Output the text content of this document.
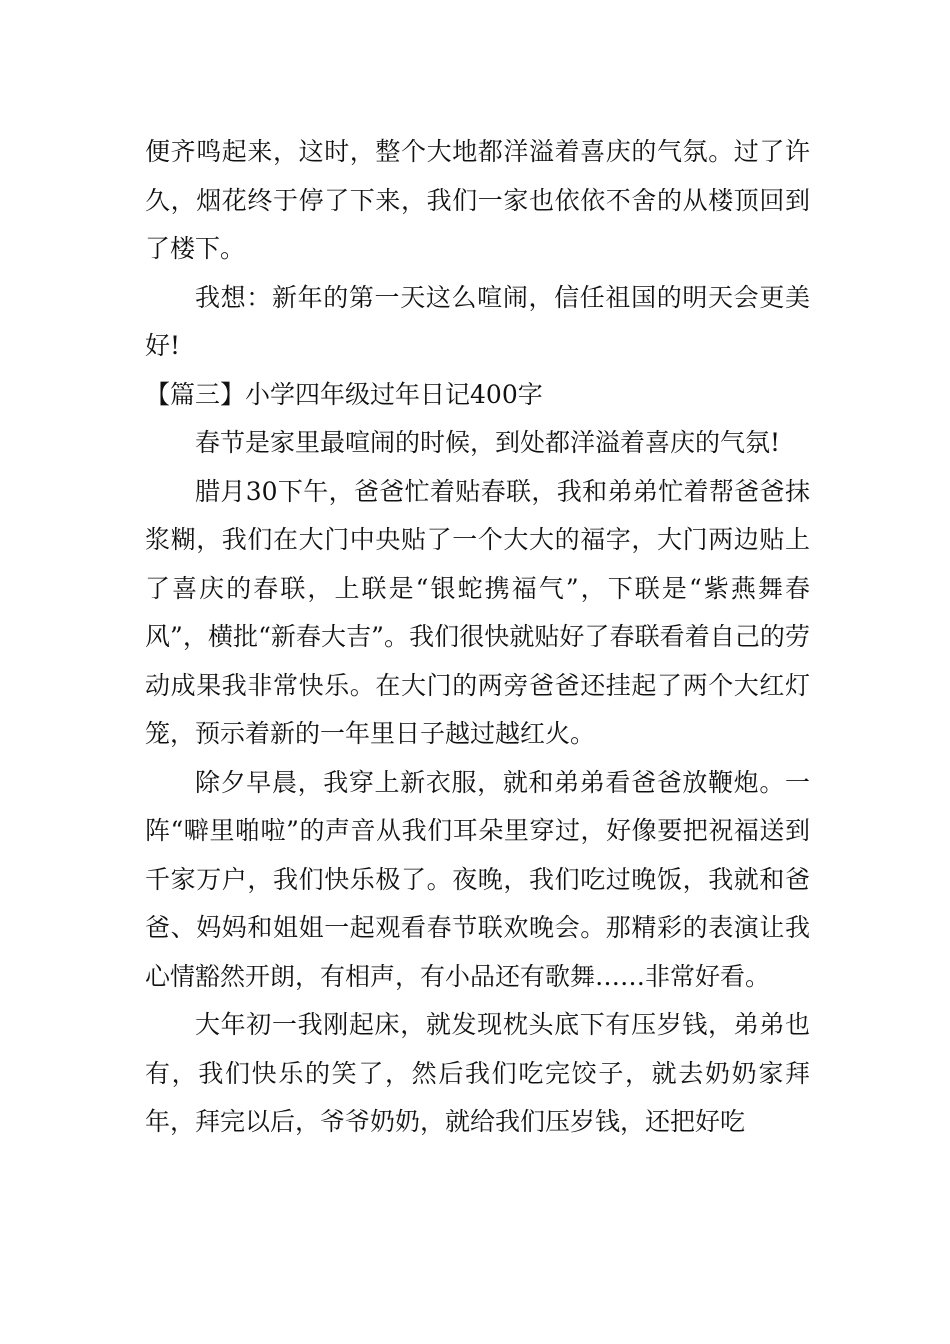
便齐鸣起来，这时，整个大地都洋溢着喜庆的气氛。过了许久，烟花终于停了下来，我们一家也依依不舍的从楼顶回到了楼下。

我想：新年的第一天这么喧闹，信任祖国的明天会更美好!

【篇三】小学四年级过年日记400字

春节是家里最喧闹的时候，到处都洋溢着喜庆的气氛!

腊月30下午，爸爸忙着贴春联，我和弟弟忙着帮爸爸抹浆糊，我们在大门中央贴了一个大大的福字，大门两边贴上了喜庆的春联，上联是“银蛇携福气”，下联是“紫燕舞春风”，横批“新春大吉”。我们很快就贴好了春联看着自己的劳动成果我非常快乐。在大门的两旁爸爸还挂起了两个大红灯笼，预示着新的一年里日子越过越红火。

除夕早晨，我穿上新衣服，就和弟弟看爸爸放鞭炮。一阵“噼里啪啦”的声音从我们耳朵里穿过，好像要把祝福送到千家万户，我们快乐极了。夜晚，我们吃过晚饭，我就和爸爸、妈妈和姐姐一起观看春节联欢晚会。那精彩的表演让我心情豁然开朗，有相声，有小品还有歌舞……非常好看。

大年初一我刚起床，就发现枕头底下有压岁钱，弟弟也有，我们快乐的笑了，然后我们吃完饺子，就去奶奶家拜年，拜完以后，爷爷奶奶，就给我们压岁钱，还把好吃
